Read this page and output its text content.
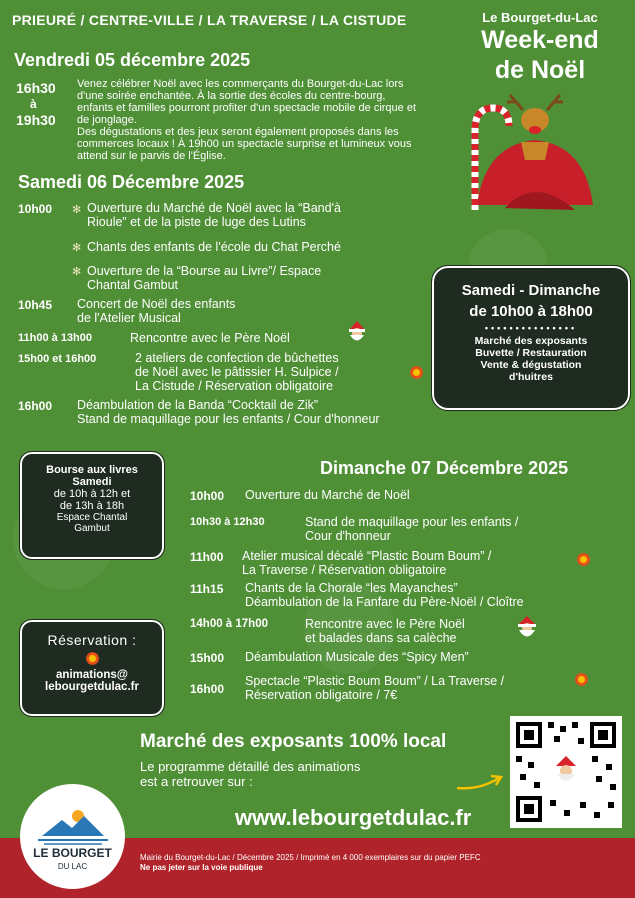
PRIEURÉ / CENTRE-VILLE / LA TRAVERSE / LA CISTUDE	Le Bourget-du-Lac
Week-end
de Noël
Vendredi 05 décembre 2025
16h30
à
19h30
Venez célébrer Noël avec les commerçants du Bourget-du-Lac lors d'une soirée enchantée. À la sortie des écoles du centre-bourg, enfants et familles pourront profiter d'un spectacle mobile de cirque et de jonglage.
Des dégustations et des jeux seront également proposés dans les commerces locaux ! À 19h00 un spectacle surprise et lumineux vous attend sur le parvis de l'Église.
Samedi 06 Décembre 2025
10h00 ✻ Ouverture du Marché de Noël avec la “Band'à
Rioule” et de la piste de luge des Lutins
✻ Chants des enfants de l'école du Chat Perché
✻ Ouverture de la “Bourse au Livre”/ Espace
Chantal Gambut
10h45 Concert de Noël des enfants
de l'Atelier Musical
11h00 à 13h00	Rencontre avec le Père Noël
15h00 et 16h00	2 ateliers de confection de bûchettes
de Noël avec le pâtissier H. Sulpice /
La Cistude / Réservation obligatoire
16h00 Déambulation de la Banda “Cocktail de Zik”
Stand de maquillage pour les enfants / Cour d'honneur
Samedi - Dimanche
de 10h00 à 18h00
•••••••••••••••
Marché des exposants
Buvette / Restauration
Vente & dégustation
d'huitres
Bourse aux livres
Samedi
de 10h à 12h et
de 13h à 18h
Espace Chantal
Gambut
Réservation :
animations@
lebourgetdulac.fr
Dimanche 07 Décembre 2025
10h00 Ouverture du Marché de Noël
10h30 à 12h30	Stand de maquillage pour les enfants /
Cour d'honneur
11h00 Atelier musical décalé “Plastic Boum Boum” /
La Traverse / Réservation obligatoire
11h15 Chants de la Chorale “les Mayanches”
Déambulation de la Fanfare du Père-Noël / Cloître
14h00 à 17h00	Rencontre avec le Père Noël
et balades dans sa calèche
15h00 Déambulation Musicale des “Spicy Men”
16h00
Spectacle “Plastic Boum Boum” / La Traverse /
Réservation obligatoire / 7€
Marché des exposants 100% local
Le programme détaillé des animations
est a retrouver sur :
www.lebourgetdulac.fr
Mairie du Bourget-du-Lac / Décembre 2025 / Imprimé en 4 000 exemplaires sur du papier PEFC
Ne pas jeter sur la voie publique
LE BOURGET
DU LAC
